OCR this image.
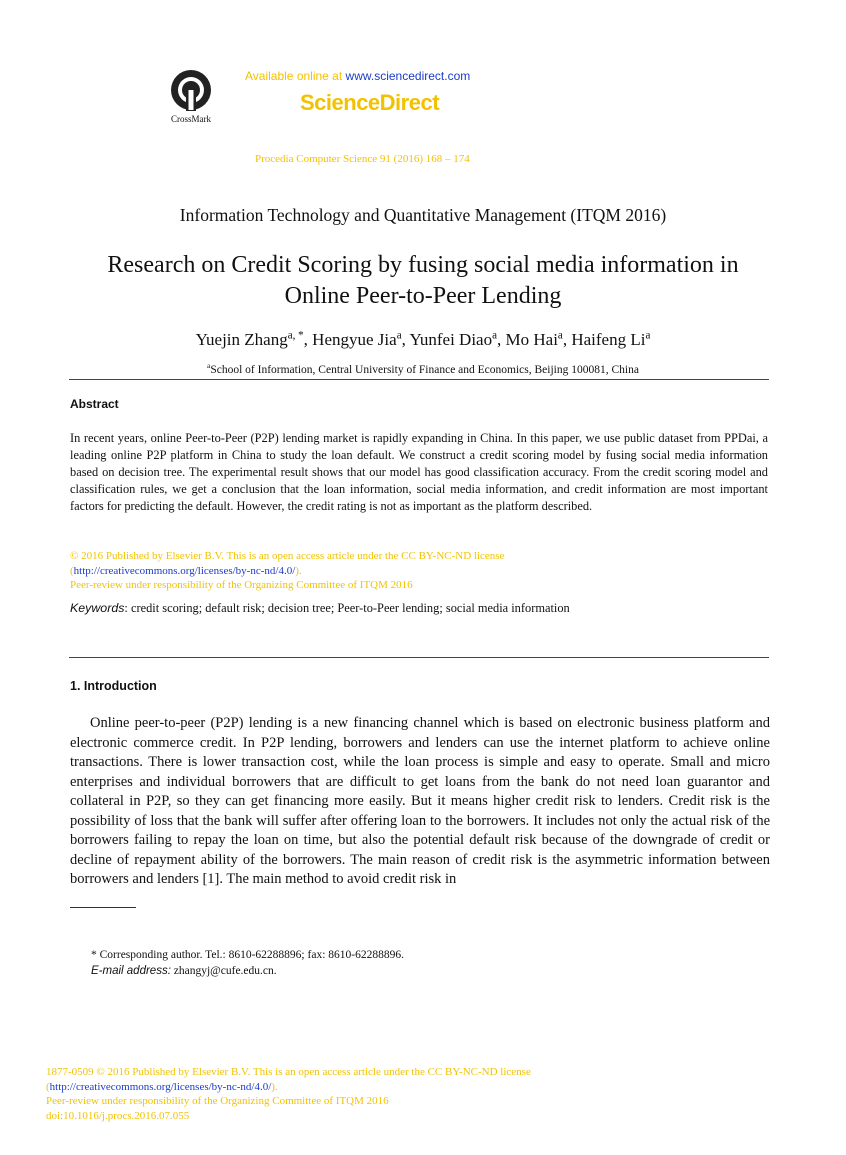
CrossMark
Available online at www.sciencedirect.com
ScienceDirect
Procedia Computer Science 91 (2016) 168 – 174
Information Technology and Quantitative Management (ITQM 2016)
Research on Credit Scoring by fusing social media information in
Online Peer-to-Peer Lending
Yuejin Zhang$^{a, *}$, Hengyue Jia$^a$, Yunfei Diao$^a$, Mo Hai$^a$, Haifeng Li$^a$
$^a$School of Information, Central University of Finance and Economics, Beijing 100081, China
Abstract
In recent years, online Peer-to-Peer (P2P) lending market is rapidly expanding in China. In this paper, we use public dataset from PPDai, a leading online P2P platform in China to study the loan default. We construct a credit scoring model by fusing social media information based on decision tree. The experimental result shows that our model has good classification accuracy. From the credit scoring model and classification rules, we get a conclusion that the loan information, social media information, and credit information are most important factors for predicting the default. However, the credit rating is not as important as the platform described.
© 2016 Published by Elsevier B.V. This is an open access article under the CC BY-NC-ND license
(http://creativecommons.org/licenses/by-nc-nd/4.0/).
Peer-review under responsibility of the Organizing Committee of ITQM 2016
Keywords: credit scoring; default risk; decision tree; Peer-to-Peer lending; social media information
1. Introduction
Online peer-to-peer (P2P) lending is a new financing channel which is based on electronic business platform and electronic commerce credit. In P2P lending, borrowers and lenders can use the internet platform to achieve online transactions. There is lower transaction cost, while the loan process is simple and easy to operate. Small and micro enterprises and individual borrowers that are difficult to get loans from the bank do not need loan guarantor and collateral in P2P, so they can get financing more easily. But it means higher credit risk to lenders. Credit risk is the possibility of loss that the bank will suffer after offering loan to the borrowers. It includes not only the actual risk of the borrowers failing to repay the loan on time, but also the potential default risk because of the downgrade of credit or decline of repayment ability of the borrowers. The main reason of credit risk is the asymmetric information between borrowers and lenders [1]. The main method to avoid credit risk in
* Corresponding author. Tel.: 8610-62288896; fax: 8610-62288896.
E-mail address: zhangyj@cufe.edu.cn.
1877-0509 © 2016 Published by Elsevier B.V. This is an open access article under the CC BY-NC-ND license
(http://creativecommons.org/licenses/by-nc-nd/4.0/).
Peer-review under responsibility of the Organizing Committee of ITQM 2016
doi:10.1016/j.procs.2016.07.055
